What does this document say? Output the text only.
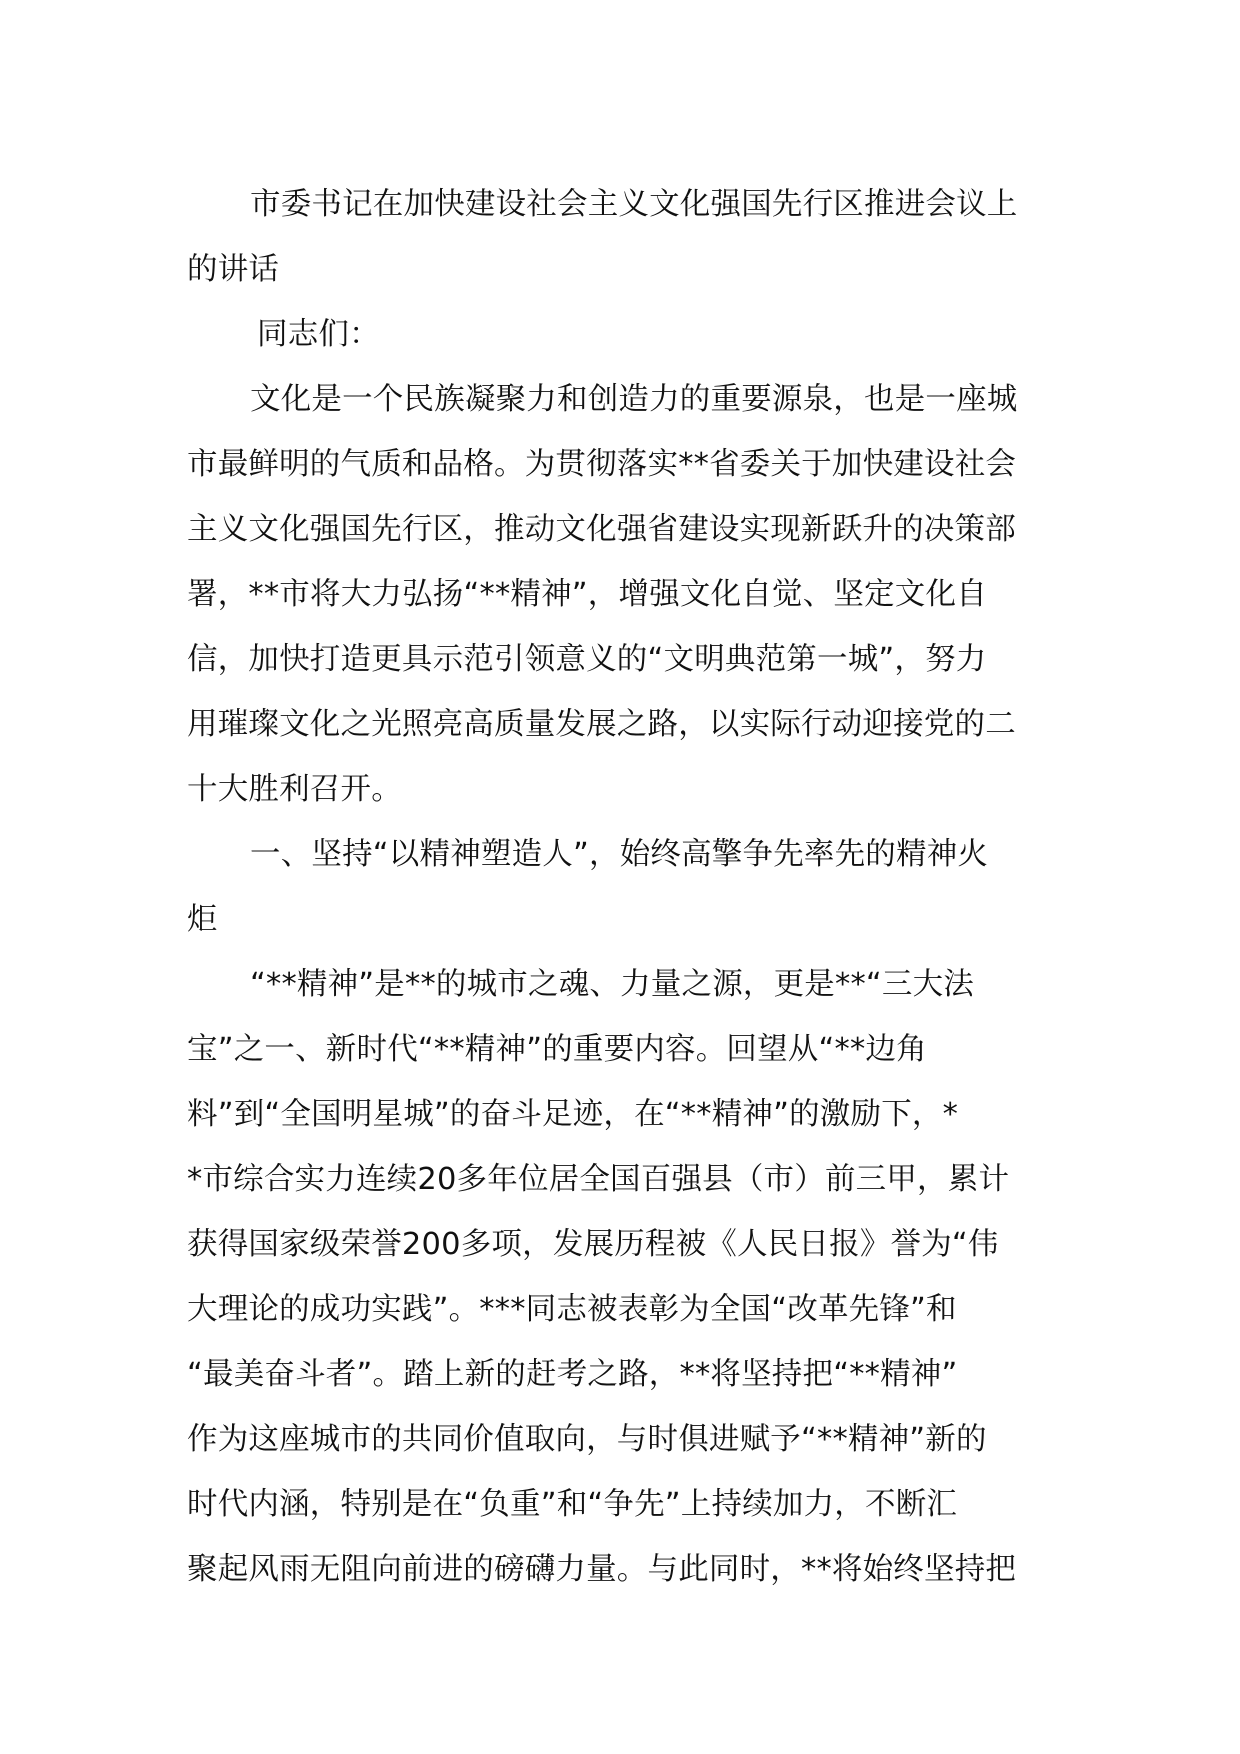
市委书记在加快建设社会主义文化强国先行区推进会议上
的讲话
同志们：
文化是一个民族凝聚力和创造力的重要源泉，也是一座城
市最鲜明的气质和品格。为贯彻落实**省委关于加快建设社会
主义文化强国先行区，推动文化强省建设实现新跃升的决策部
署，**市将大力弘扬“**精神”，增强文化自觉、坚定文化自
信，加快打造更具示范引领意义的“文明典范第一城”，努力
用璀璨文化之光照亮高质量发展之路，以实际行动迎接党的二
十大胜利召开。
一、坚持“以精神塑造人”，始终高擎争先率先的精神火
炬
“**精神”是**的城市之魂、力量之源，更是**“三大法
宝”之一、新时代“**精神”的重要内容。回望从“**边角
料”到“全国明星城”的奋斗足迹，在“**精神”的激励下，*
*市综合实力连续20多年位居全国百强县（市）前三甲，累计
获得国家级荣誉200多项，发展历程被《人民日报》誉为“伟
大理论的成功实践”。***同志被表彰为全国“改革先锋”和
“最美奋斗者”。踏上新的赶考之路，**将坚持把“**精神”
作为这座城市的共同价值取向，与时俱进赋予“**精神”新的
时代内涵，特别是在“负重”和“争先”上持续加力，不断汇
聚起风雨无阻向前进的磅礴力量。与此同时，**将始终坚持把
